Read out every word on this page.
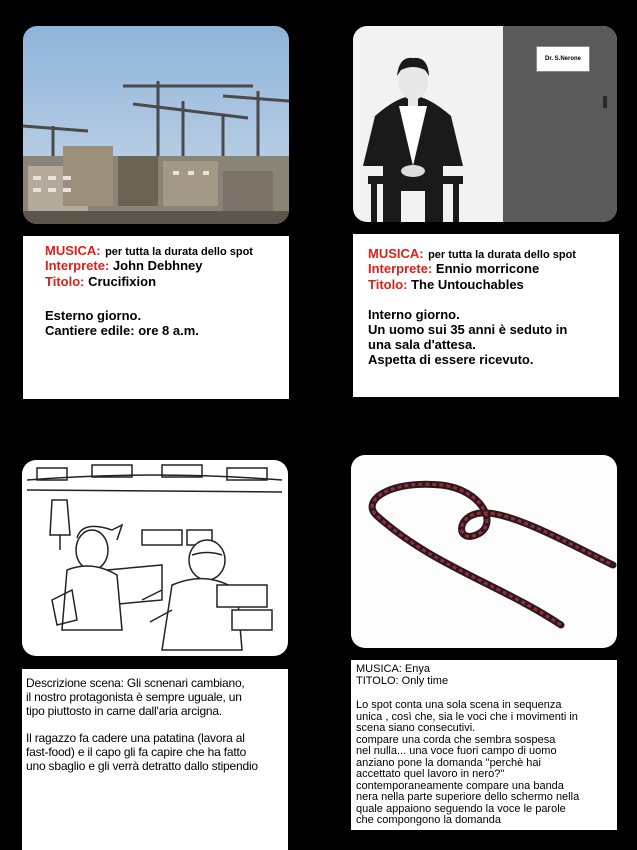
MUSICA: per tutta la durata dello spot
Interprete: John Debhney
Titolo: Crucifixion
Esterno giorno.
Cantiere edile: ore 8 a.m.
Dr. S.Nerone
MUSICA: per tutta la durata dello spot
Interprete: Ennio morricone
Titolo: The Untouchables
Interno giorno.
Un uomo sui 35 anni è seduto in
una sala d'attesa.
Aspetta di essere ricevuto.
Descrizione scena: Gli scnenari cambiano,
il nostro protagonista è sempre uguale, un
tipo piuttosto in carne dall'aria arcigna.
Il ragazzo fa cadere una patatina (lavora al
fast-food) e il capo gli fa capire che ha fatto
uno sbaglio e gli verrà detratto dallo stipendio
MUSICA: Enya
TITOLO: Only time
Lo spot conta una sola scena in sequenza
unica , così che, sia le voci che i movimenti in
scena siano consecutivi.
compare una corda che sembra sospesa
nel nulla... una voce fuori campo di uomo
anziano pone la domanda "perchè hai
accettato quel lavoro in nero?"
contemporaneamente compare una banda
nera nella parte superiore dello schermo nella
quale appaiono seguendo la voce le parole
che compongono la domanda
